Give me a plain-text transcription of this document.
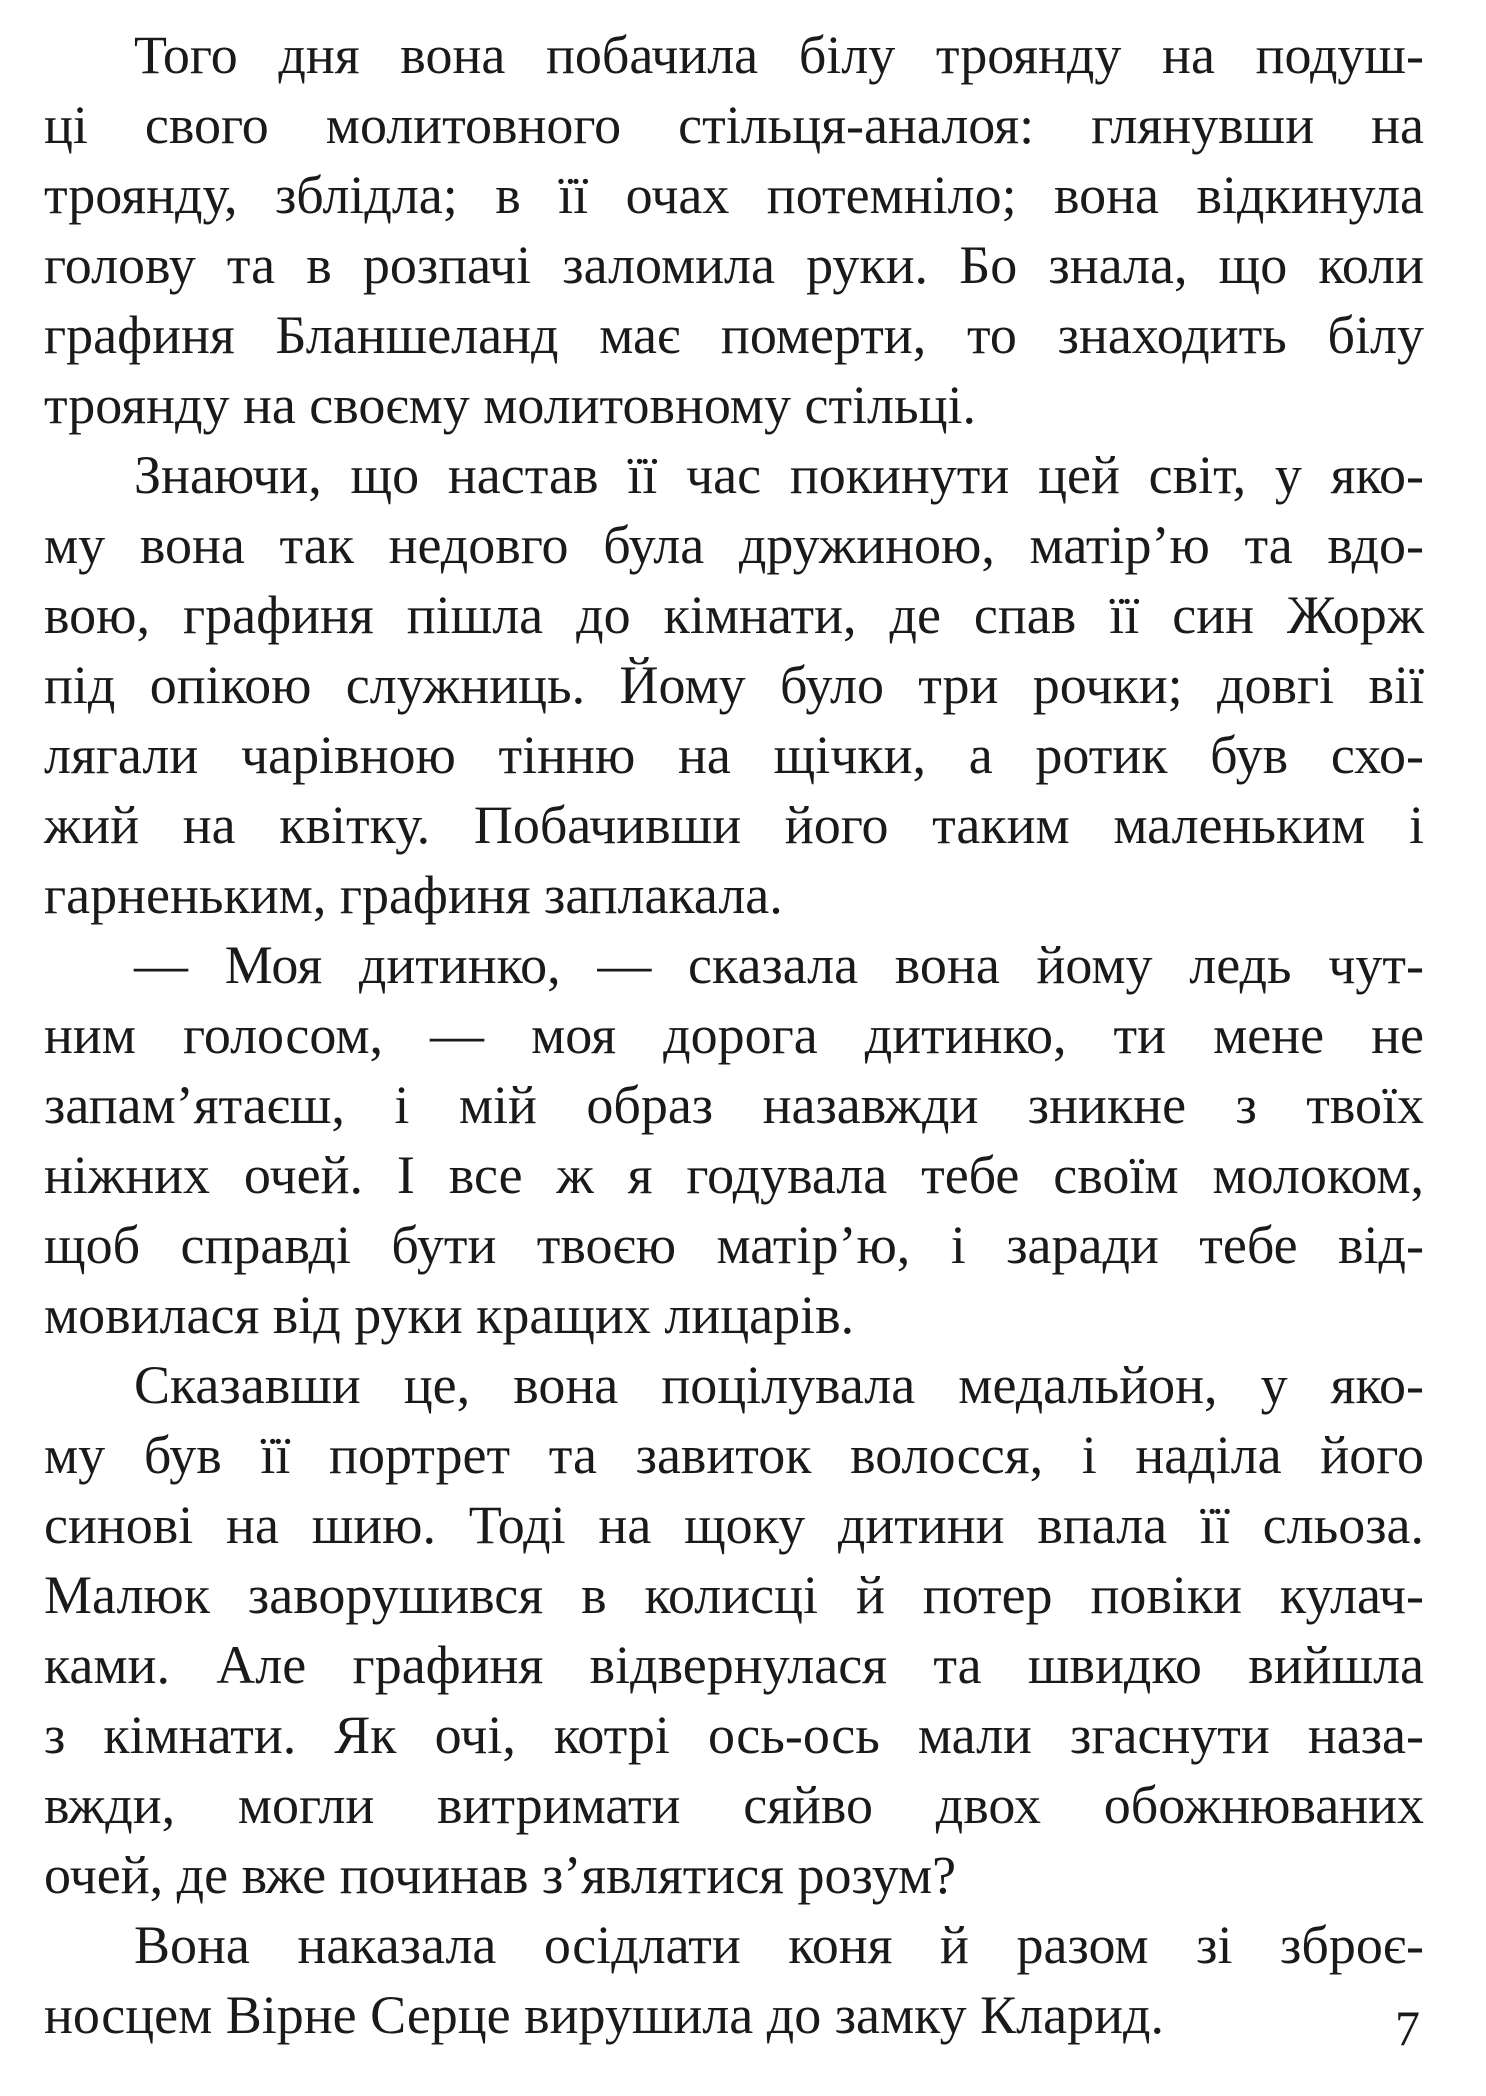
Того дня вона побачила білу троянду на подуш-
ці свого молитовного стільця-аналоя: глянувши на
троянду, зблідла; в її очах потемніло; вона відкинула
голову та в розпачі заломила руки. Бо знала, що коли
графиня Бланшеланд має померти, то знаходить білу
троянду на своєму молитовному стільці.
Знаючи, що настав її час покинути цей світ, у яко-
му вона так недовго була дружиною, матір’ю та вдо-
вою, графиня пішла до кімнати, де спав її син Жорж
під опікою служниць. Йому було три рочки; довгі вії
лягали чарівною тінню на щічки, а ротик був схо-
жий на квітку. Побачивши його таким маленьким і
гарненьким, графиня заплакала.
— Моя дитинко, — сказала вона йому ледь чут-
ним голосом, — моя дорога дитинко, ти мене не
запам’ятаєш, і мій образ назавжди зникне з твоїх
ніжних очей. І все ж я годувала тебе своїм молоком,
щоб справді бути твоєю матір’ю, і заради тебе від-
мовилася від руки кращих лицарів.
Сказавши це, вона поцілувала медальйон, у яко-
му був її портрет та завиток волосся, і наділа його
синові на шию. Тоді на щоку дитини впала її сльоза.
Малюк заворушився в колисці й потер повіки кулач-
ками. Але графиня відвернулася та швидко вийшла
з кімнати. Як очі, котрі ось-ось мали згаснути наза-
вжди, могли витримати сяйво двох обожнюваних
очей, де вже починав з’являтися розум?
Вона наказала осідлати коня й разом зі зброє-
носцем Вірне Серце вирушила до замку Кларид.	7
